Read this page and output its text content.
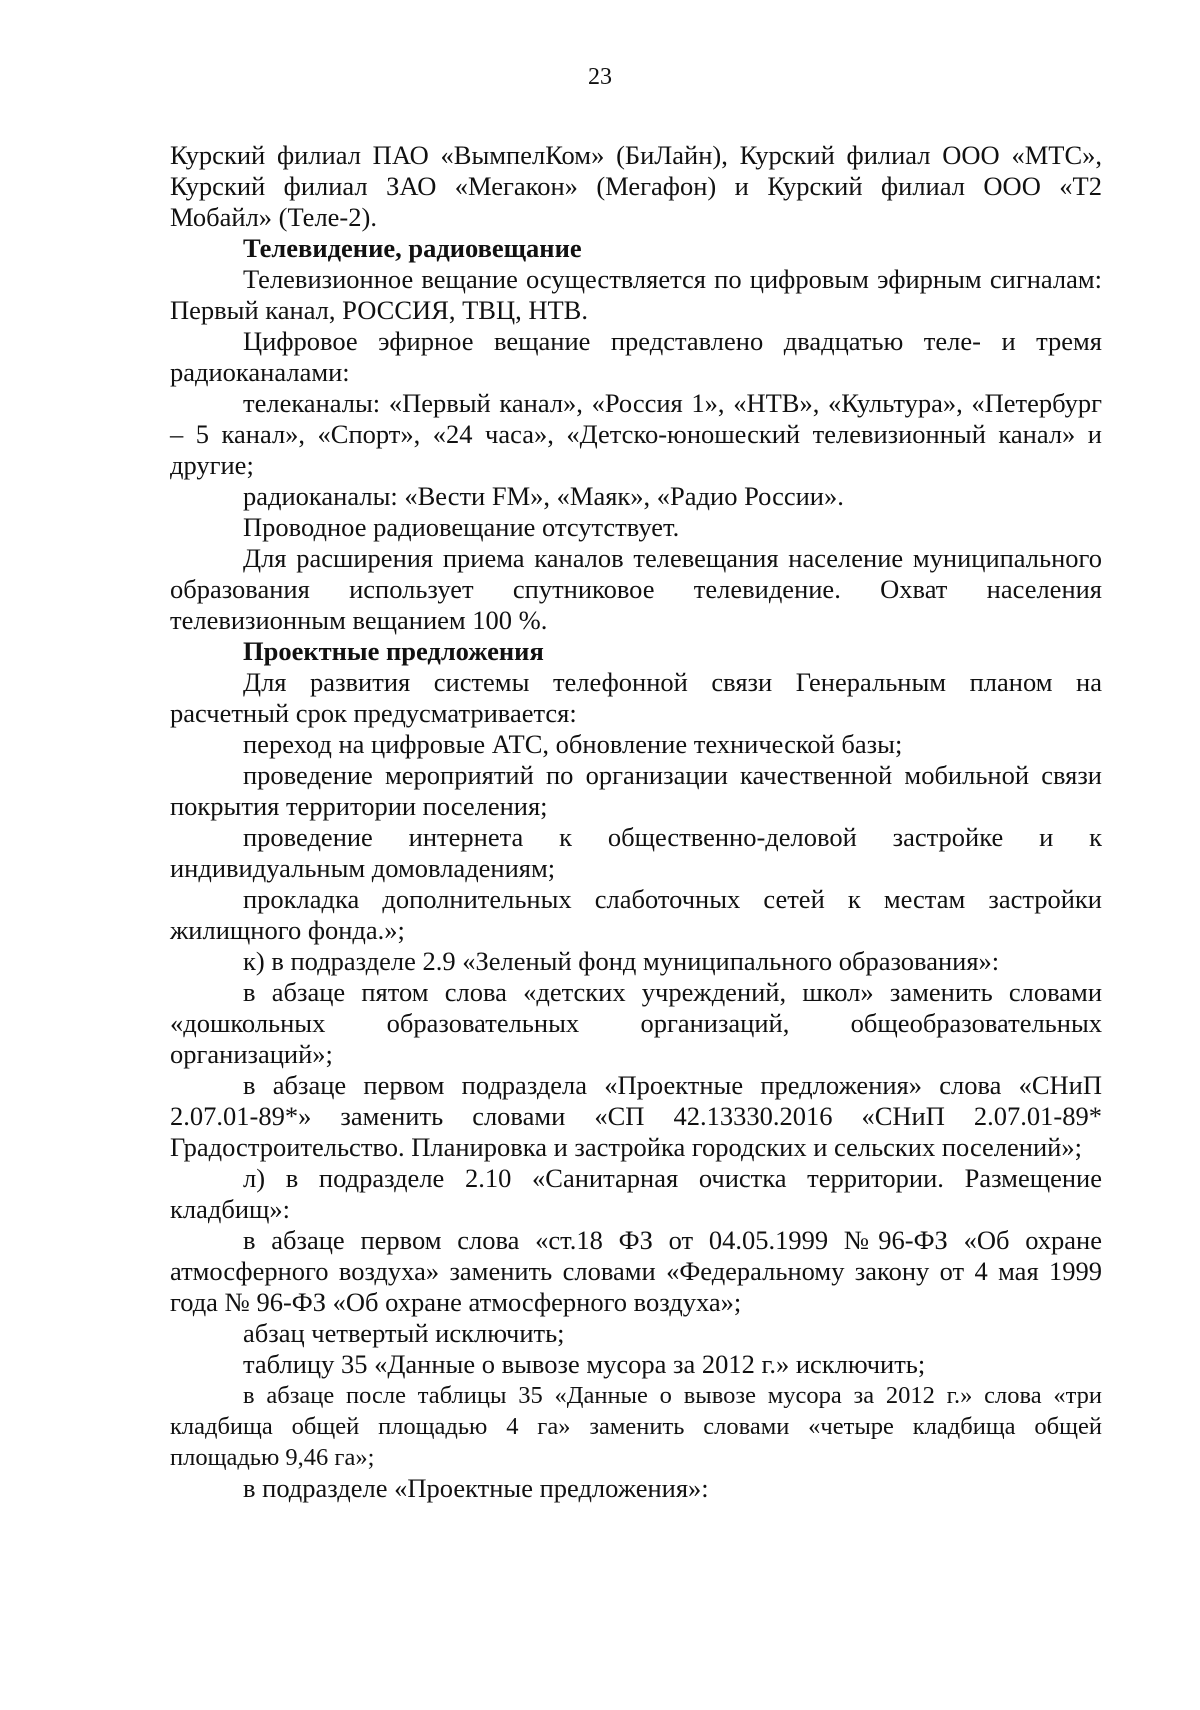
23

Курский филиал ПАО «ВымпелКом» (БиЛайн), Курский филиал ООО «МТС», Курский филиал ЗАО «Мегакон» (Мегафон) и Курский филиал ООО «Т2 Мобайл» (Теле-2).

Телевидение, радиовещание

Телевизионное вещание осуществляется по цифровым эфирным сигналам: Первый канал, РОССИЯ, ТВЦ, НТВ.

Цифровое эфирное вещание представлено двадцатью теле- и тремя радиоканалами:

телеканалы: «Первый канал», «Россия 1», «НТВ», «Культура», «Петербург – 5 канал», «Спорт», «24 часа», «Детско-юношеский телевизионный канал» и другие;

радиоканалы: «Вести FM», «Маяк», «Радио России».

Проводное радиовещание отсутствует.

Для расширения приема каналов телевещания население муниципального образования использует спутниковое телевидение. Охват населения телевизионным вещанием 100 %.

Проектные предложения

Для развития системы телефонной связи Генеральным планом на расчетный срок предусматривается:

переход на цифровые АТС, обновление технической базы;

проведение мероприятий по организации качественной мобильной связи покрытия территории поселения;

проведение интернета к общественно-деловой застройке и к индивидуальным домовладениям;

прокладка дополнительных слаботочных сетей к местам застройки жилищного фонда.»;

к) в подразделе 2.9 «Зеленый фонд муниципального образования»:

в абзаце пятом слова «детских учреждений, школ» заменить словами «дошкольных образовательных организаций, общеобразовательных организаций»;

в абзаце первом подраздела «Проектные предложения» слова «СНиП 2.07.01-89*» заменить словами «СП 42.13330.2016 «СНиП 2.07.01-89* Градостроительство. Планировка и застройка городских и сельских поселений»;

л) в подразделе 2.10 «Санитарная очистка территории. Размещение кладбищ»:

в абзаце первом слова «ст.18 ФЗ от 04.05.1999 №96-ФЗ «Об охране атмосферного воздуха» заменить словами «Федеральному закону от 4 мая 1999 года № 96-ФЗ «Об охране атмосферного воздуха»;

абзац четвертый исключить;

таблицу 35 «Данные о вывозе мусора за 2012 г.» исключить;

в абзаце после таблицы 35 «Данные о вывозе мусора за 2012 г.» слова «три кладбища общей площадью 4 га» заменить словами «четыре кладбища общей площадью 9,46 га»;

в подразделе «Проектные предложения»:
